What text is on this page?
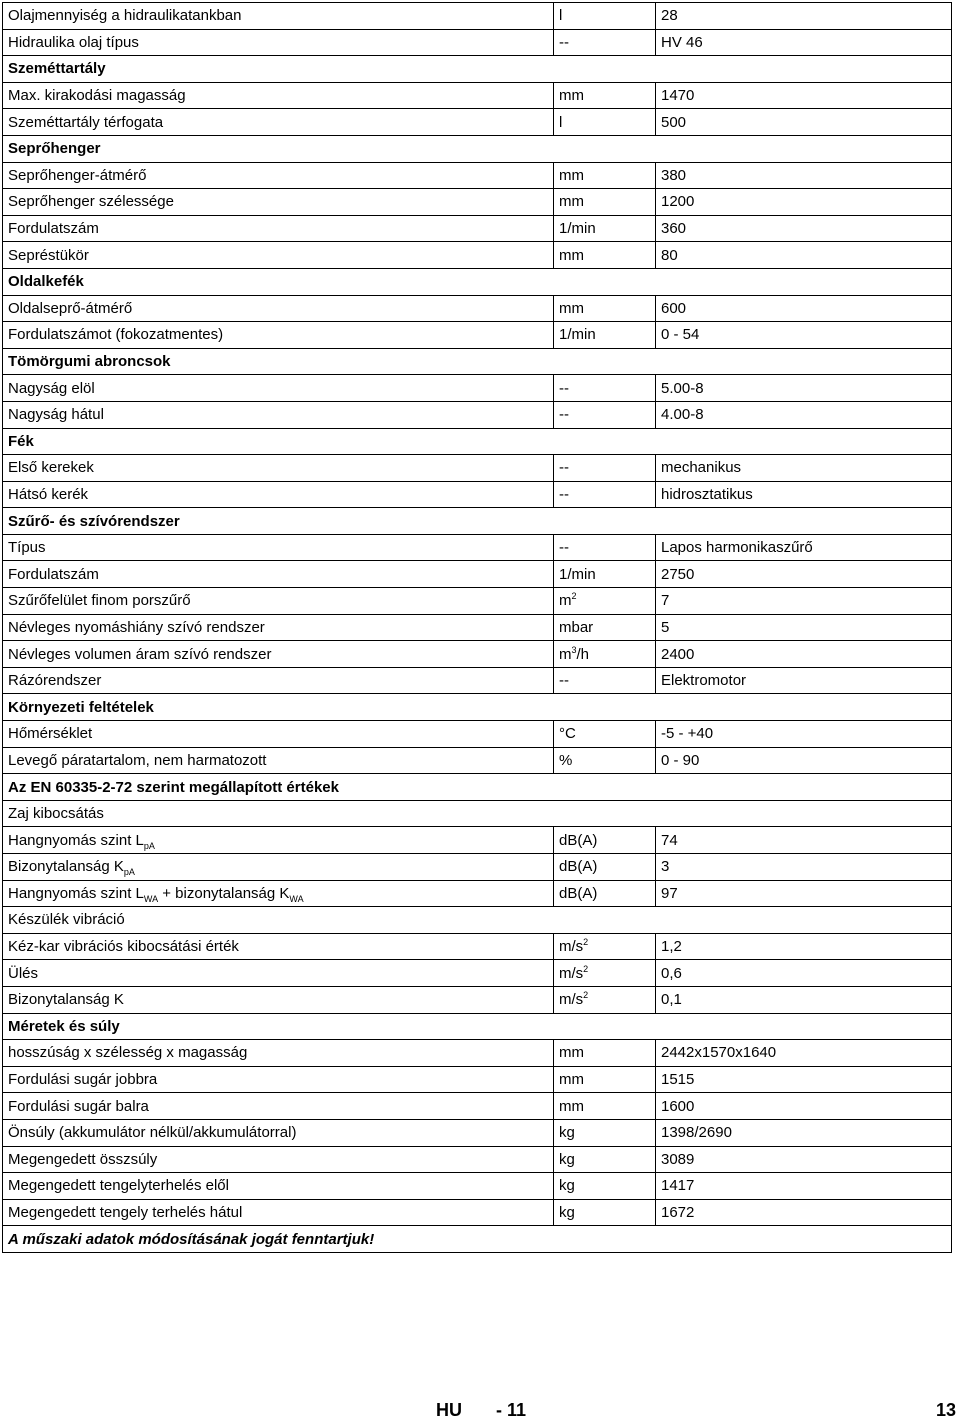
Olajmennyiség a hidraulikatankban	l	28
Hidraulika olaj típus	--	HV 46
Szeméttartály		
Max. kirakodási magasság	mm	1470
Szeméttartály térfogata	l	500
Seprőhenger		
Seprőhenger-átmérő	mm	380
Seprőhenger szélessége	mm	1200
Fordulatszám	1/min	360
Sepréstükör	mm	80
Oldalkefék		
Oldalseprő-átmérő	mm	600
Fordulatszámot (fokozatmentes)	1/min	0 - 54
Tömörgumi abroncsok		
Nagyság elöl	--	5.00-8
Nagyság hátul	--	4.00-8
Fék		
Első kerekek	--	mechanikus
Hátsó kerék	--	hidrosztatikus
Szűrő- és szívórendszer		
Típus	--	Lapos harmonikaszűrő
Fordulatszám	1/min	2750
Szűrőfelület finom porszűrő	$m^2$	7
Névleges nyomáshiány szívó rendszer	mbar	5
Névleges volumen áram szívó rendszer	$m^3/h$	2400
Rázórendszer	--	Elektromotor
Környezeti feltételek		
Hőmérséklet	°C	-5 - +40
Levegő páratartalom, nem harmatozott	%	0 - 90
Az EN 60335-2-72 szerint megállapított értékek		
Zaj kibocsátás		
Hangnyomás szint $L_{pA}$	dB(A)	74
Bizonytalanság $K_{pA}$	dB(A)	3
Hangnyomás szint $L_{WA}$ + bizonytalanság $K_{WA}$	dB(A)	97
Készülék vibráció		
Kéz-kar vibrációs kibocsátási érték	$m/s^2$	1,2
Ülés	$m/s^2$	0,6
Bizonytalanság K	$m/s^2$	0,1
Méretek és súly		
hosszúság x szélesség x magasság	mm	2442x1570x1640
Fordulási sugár jobbra	mm	1515
Fordulási sugár balra	mm	1600
Önsúly (akkumulátor nélkül/akkumulátorral)	kg	1398/2690
Megengedett összsúly	kg	3089
Megengedett tengelyterhelés elől	kg	1417
Megengedett tengely terhelés hátul	kg	1672
A műszaki adatok módosításának jogát fenntartjuk!		
HU - 11	13
